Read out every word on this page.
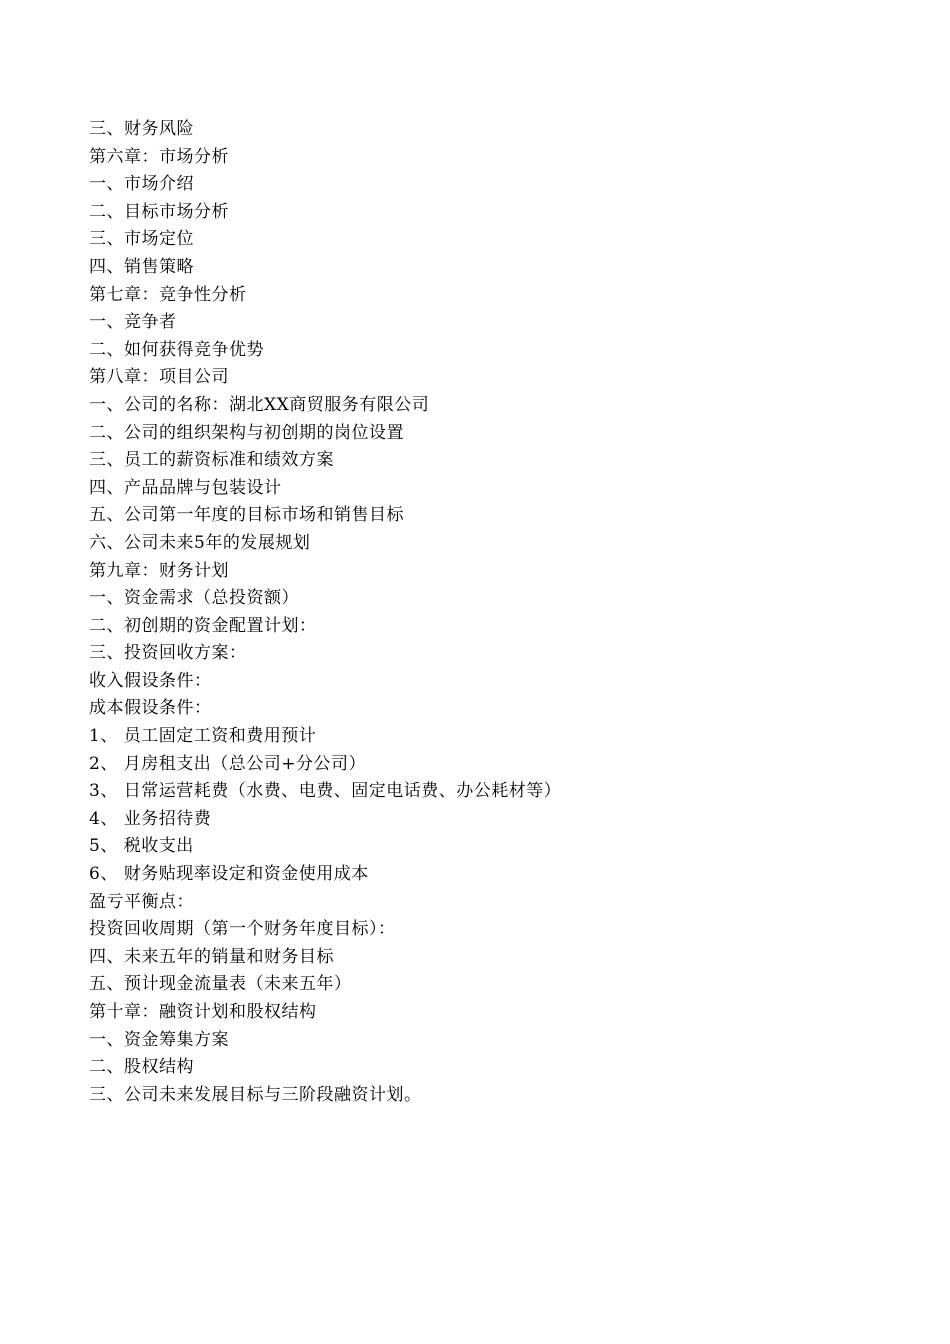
三、财务风险
第六章：市场分析
一、市场介绍
二、目标市场分析
三、市场定位
四、销售策略
第七章：竞争性分析
一、竞争者
二、如何获得竞争优势
第八章：项目公司
一、公司的名称：湖北XX商贸服务有限公司
二、公司的组织架构与初创期的岗位设置
三、员工的薪资标准和绩效方案
四、产品品牌与包装设计
五、公司第一年度的目标市场和销售目标
六、公司未来5年的发展规划
第九章：财务计划
一、资金需求（总投资额）
二、初创期的资金配置计划：
三、投资回收方案：
收入假设条件：
成本假设条件：
1、 员工固定工资和费用预计
2、 月房租支出（总公司+分公司）
3、 日常运营耗费（水费、电费、固定电话费、办公耗材等）
4、 业务招待费
5、 税收支出
6、 财务贴现率设定和资金使用成本
盈亏平衡点：
投资回收周期（第一个财务年度目标）：
四、未来五年的销量和财务目标
五、预计现金流量表（未来五年）
第十章：融资计划和股权结构
一、资金筹集方案
二、股权结构
三、公司未来发展目标与三阶段融资计划。
